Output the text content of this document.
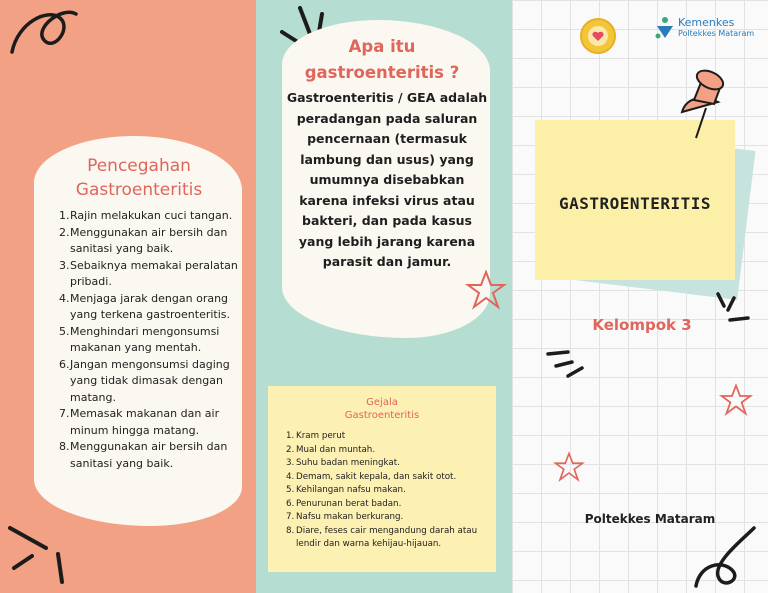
Pencegahan Gastroenteritis
1. Rajin melakukan cuci tangan.
2. Menggunakan air bersih dan sanitasi yang baik.
3. Sebaiknya memakai peralatan pribadi.
4. Menjaga jarak dengan orang yang terkena gastroenteritis.
5. Menghindari mengonsumsi makanan yang mentah.
6. Jangan mengonsumsi daging yang tidak dimasak dengan matang.
7. Memasak makanan dan air minum hingga matang.
8. Menggunakan air bersih dan sanitasi yang baik.
Apa itu gastroenteritis ?
Gastroenteritis / GEA adalah peradangan pada saluran pencernaan (termasuk lambung dan usus) yang umumnya disebabkan karena infeksi virus atau bakteri, dan pada kasus yang lebih jarang karena parasit dan jamur.
Gejala Gastroenteritis
1. Kram perut
2. Mual dan muntah.
3. Suhu badan meningkat.
4. Demam, sakit kepala, dan sakit otot.
5. Kehilangan nafsu makan.
6. Penurunan berat badan.
7. Nafsu makan berkurang.
8. Diare, feses cair mengandung darah atau lendir dan warna kehijau-hijauan.
Kemenkes
Poltekkes Mataram
GASTROENTERITIS
Kelompok 3
Poltekkes Mataram
